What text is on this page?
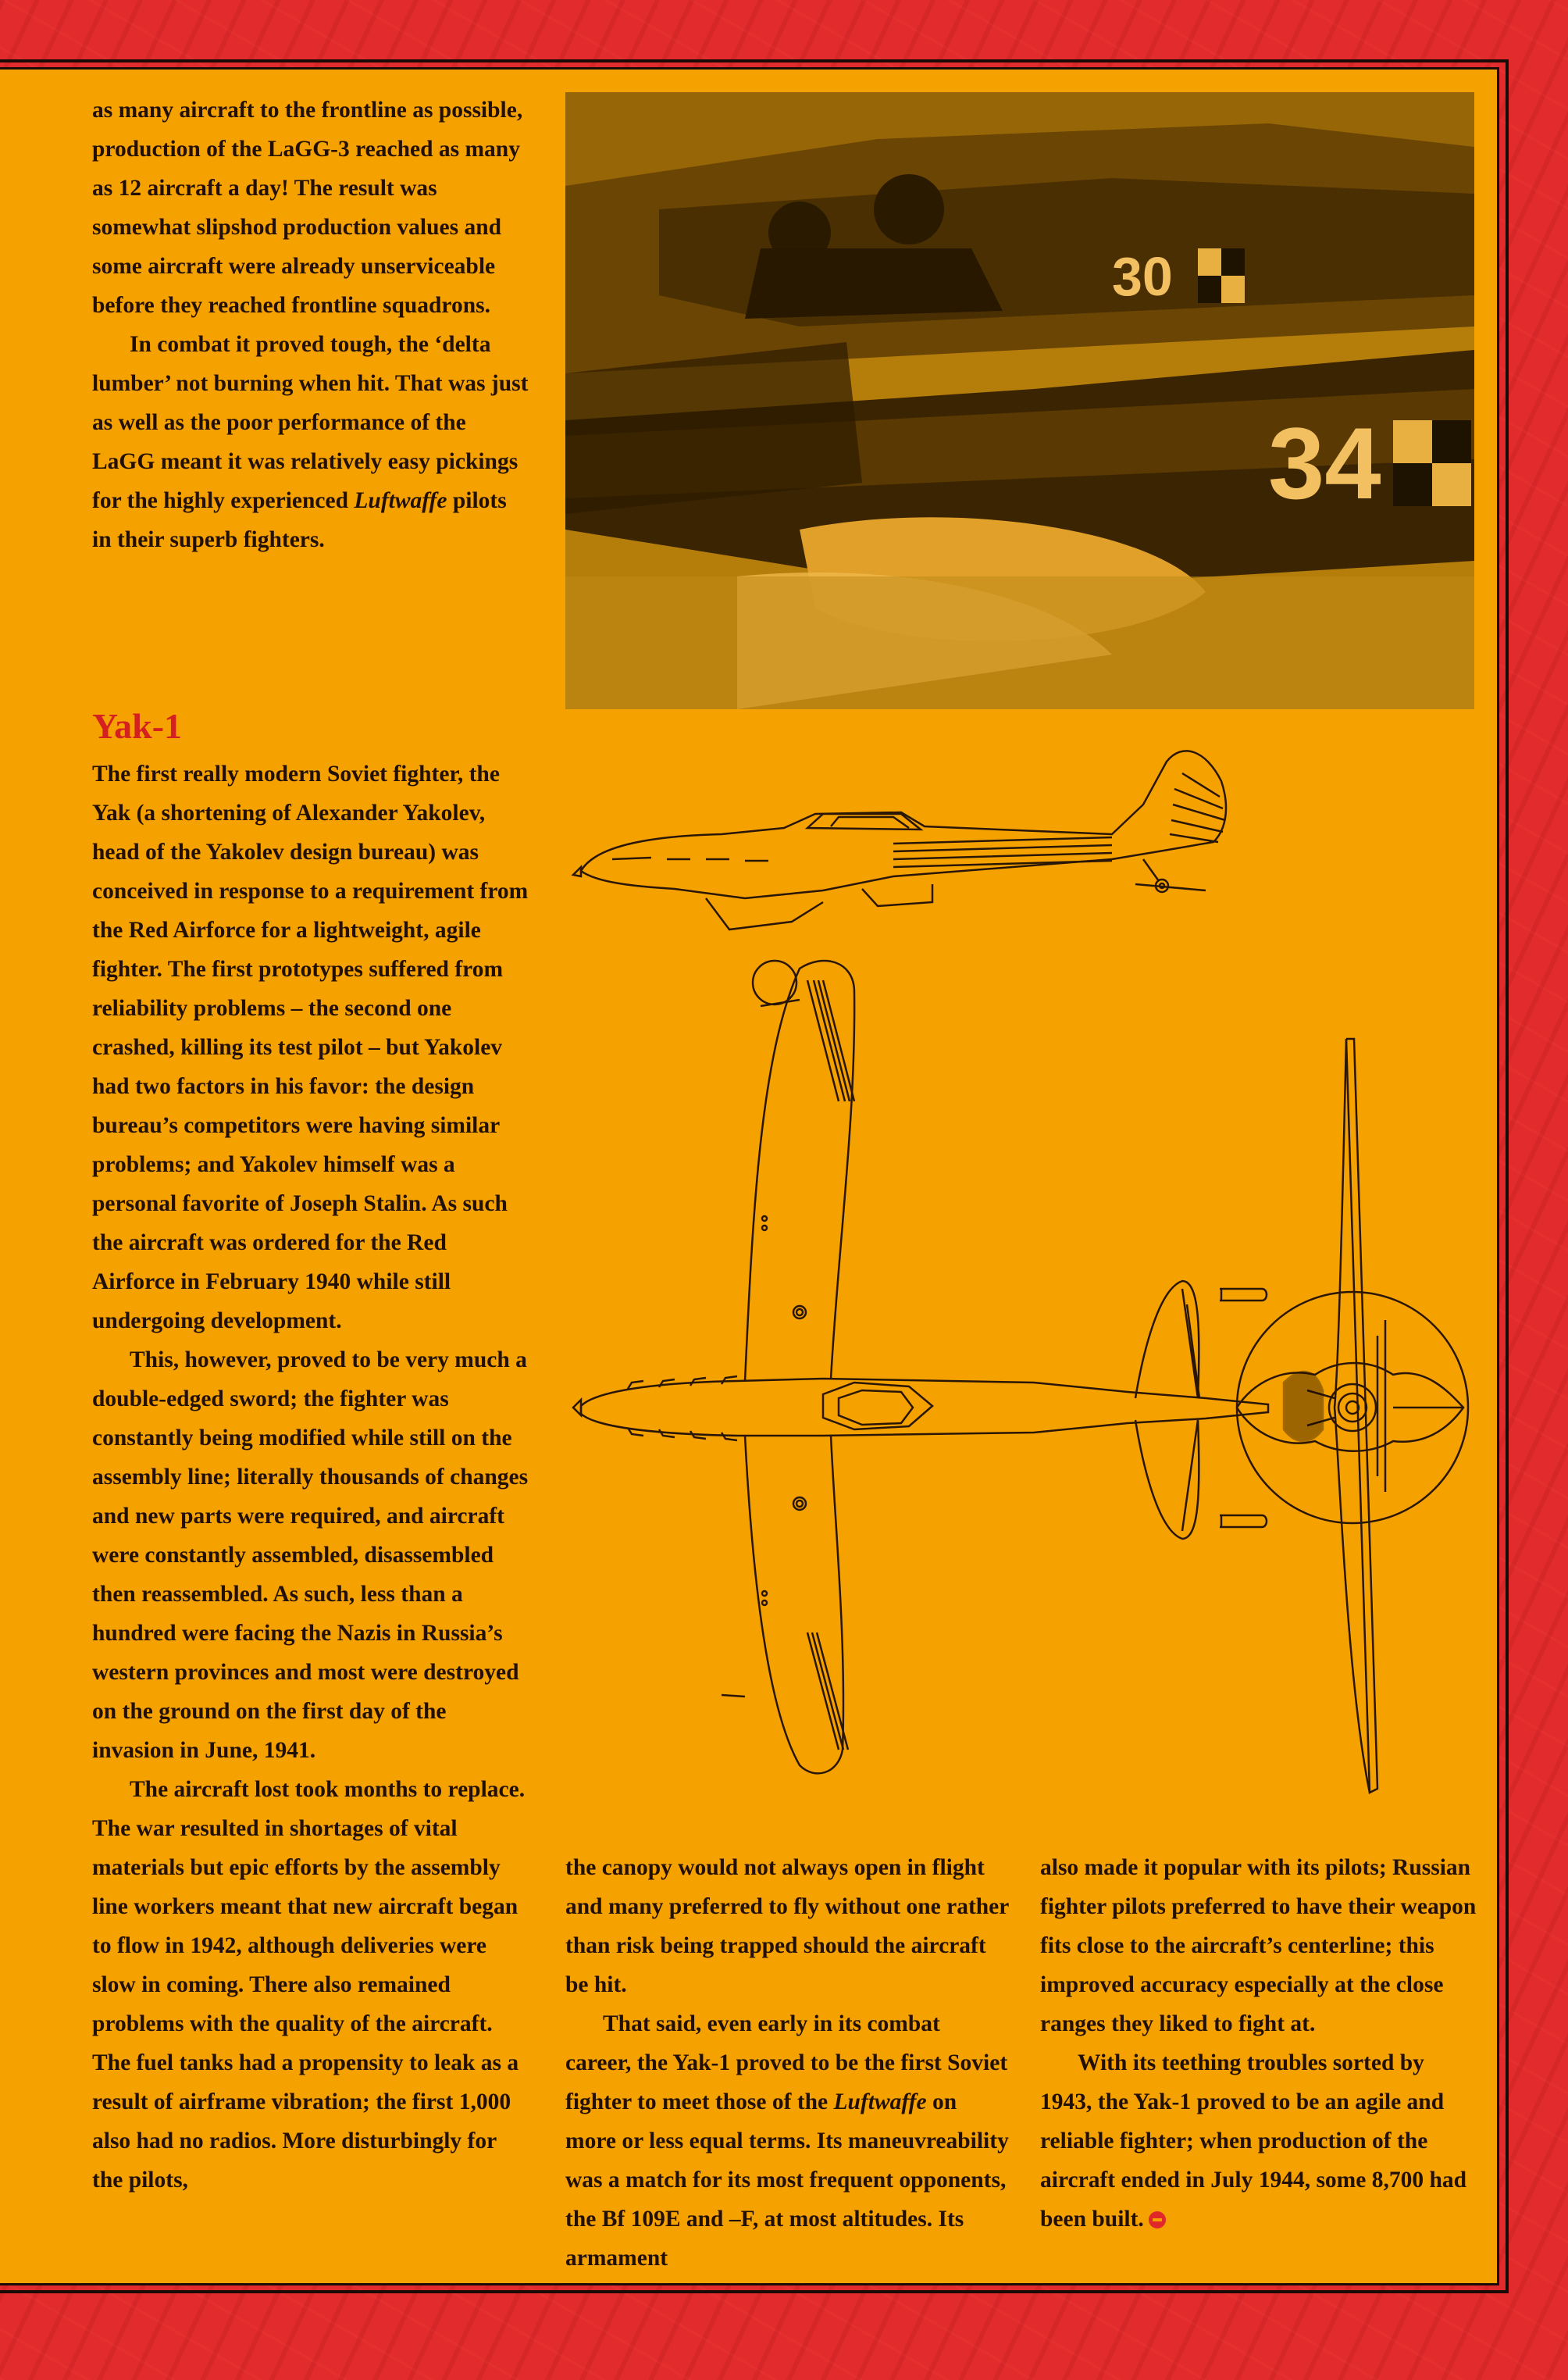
as many aircraft to the frontline as possible, production of the LaGG-3 reached as many as 12 aircraft a day! The result was somewhat slipshod production values and some aircraft were already unserviceable before they reached frontline squadrons.

In combat it proved tough, the ‘delta lumber’ not burning when hit. That was just as well as the poor performance of the LaGG meant it was relatively easy pickings for the highly experienced Luftwaffe pilots in their superb fighters.

Yak-1

The first really modern Soviet fighter, the Yak (a shortening of Alexander Yakolev, head of the Yakolev design bureau) was conceived in response to a requirement from the Red Airforce for a lightweight, agile fighter. The first prototypes suffered from reliability problems – the second one crashed, killing its test pilot – but Yakolev had two factors in his favor: the design bureau’s competitors were having similar problems; and Yakolev himself was a personal favorite of Joseph Stalin. As such the aircraft was ordered for the Red Airforce in February 1940 while still undergoing development.

This, however, proved to be very much a double-edged sword; the fighter was constantly being modified while still on the assembly line; literally thousands of changes and new parts were required, and aircraft were constantly assembled, disassembled then reassembled. As such, less than a hundred were facing the Nazis in Russia’s western provinces and most were destroyed on the ground on the first day of the invasion in June, 1941.

The aircraft lost took months to replace. The war resulted in shortages of vital materials but epic efforts by the assembly line workers meant that new aircraft began to flow in 1942, although deliveries were slow in coming. There also remained problems with the quality of the aircraft. The fuel tanks had a propensity to leak as a result of airframe vibration; the first 1,000 also had no radios. More disturbingly for the pilots,

34
30

the canopy would not always open in flight and many preferred to fly without one rather than risk being trapped should the aircraft be hit.

That said, even early in its combat career, the Yak-1 proved to be the first Soviet fighter to meet those of the Luftwaffe on more or less equal terms. Its maneuvreability was a match for its most frequent opponents, the Bf 109E and –F, at most altitudes. Its armament

also made it popular with its pilots; Russian fighter pilots preferred to have their weapon fits close to the aircraft’s centerline; this improved accuracy especially at the close ranges they liked to fight at.

With its teething troubles sorted by 1943, the Yak-1 proved to be an agile and reliable fighter; when production of the aircraft ended in July 1944, some 8,700 had been built.
